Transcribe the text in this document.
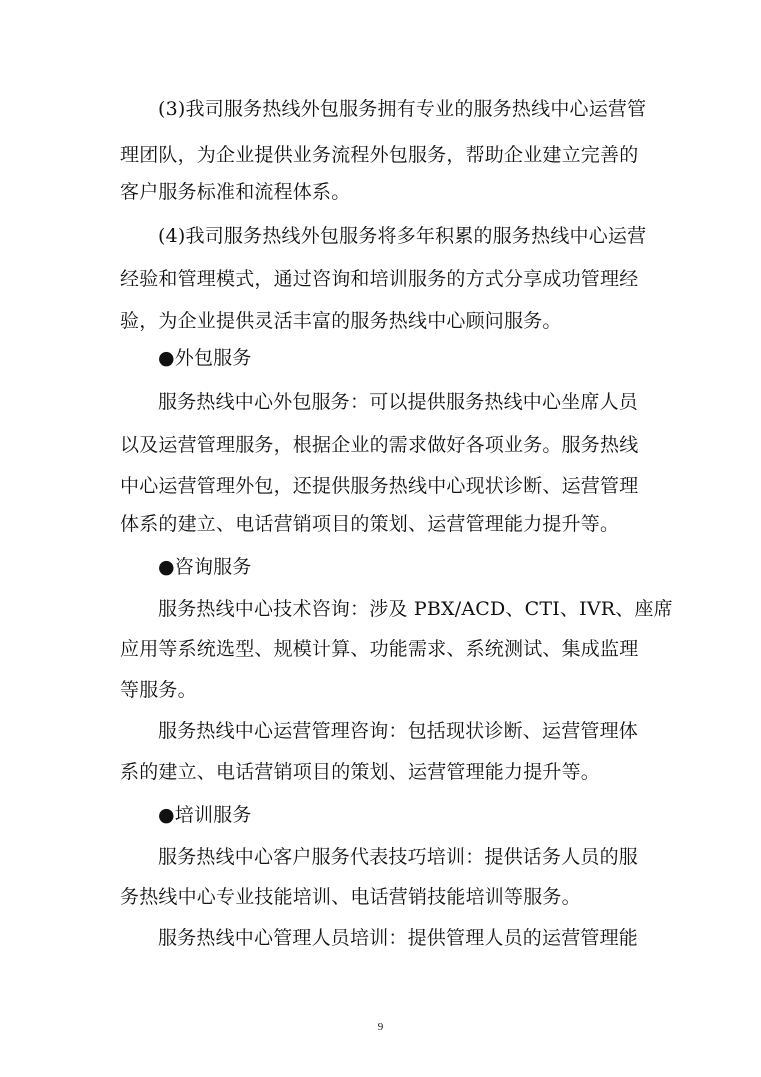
(3)我司服务热线外包服务拥有专业的服务热线中心运营管
理团队，为企业提供业务流程外包服务，帮助企业建立完善的
客户服务标准和流程体系。
(4)我司服务热线外包服务将多年积累的服务热线中心运营
经验和管理模式，通过咨询和培训服务的方式分享成功管理经
验，为企业提供灵活丰富的服务热线中心顾问服务。
●外包服务
服务热线中心外包服务：可以提供服务热线中心坐席人员
以及运营管理服务，根据企业的需求做好各项业务。服务热线
中心运营管理外包，还提供服务热线中心现状诊断、运营管理
体系的建立、电话营销项目的策划、运营管理能力提升等。
●咨询服务
服务热线中心技术咨询：涉及 PBX/ACD、CTI、IVR、座席
应用等系统选型、规模计算、功能需求、系统测试、集成监理
等服务。
服务热线中心运营管理咨询：包括现状诊断、运营管理体
系的建立、电话营销项目的策划、运营管理能力提升等。
●培训服务
服务热线中心客户服务代表技巧培训：提供话务人员的服
务热线中心专业技能培训、电话营销技能培训等服务。
服务热线中心管理人员培训：提供管理人员的运营管理能
9
